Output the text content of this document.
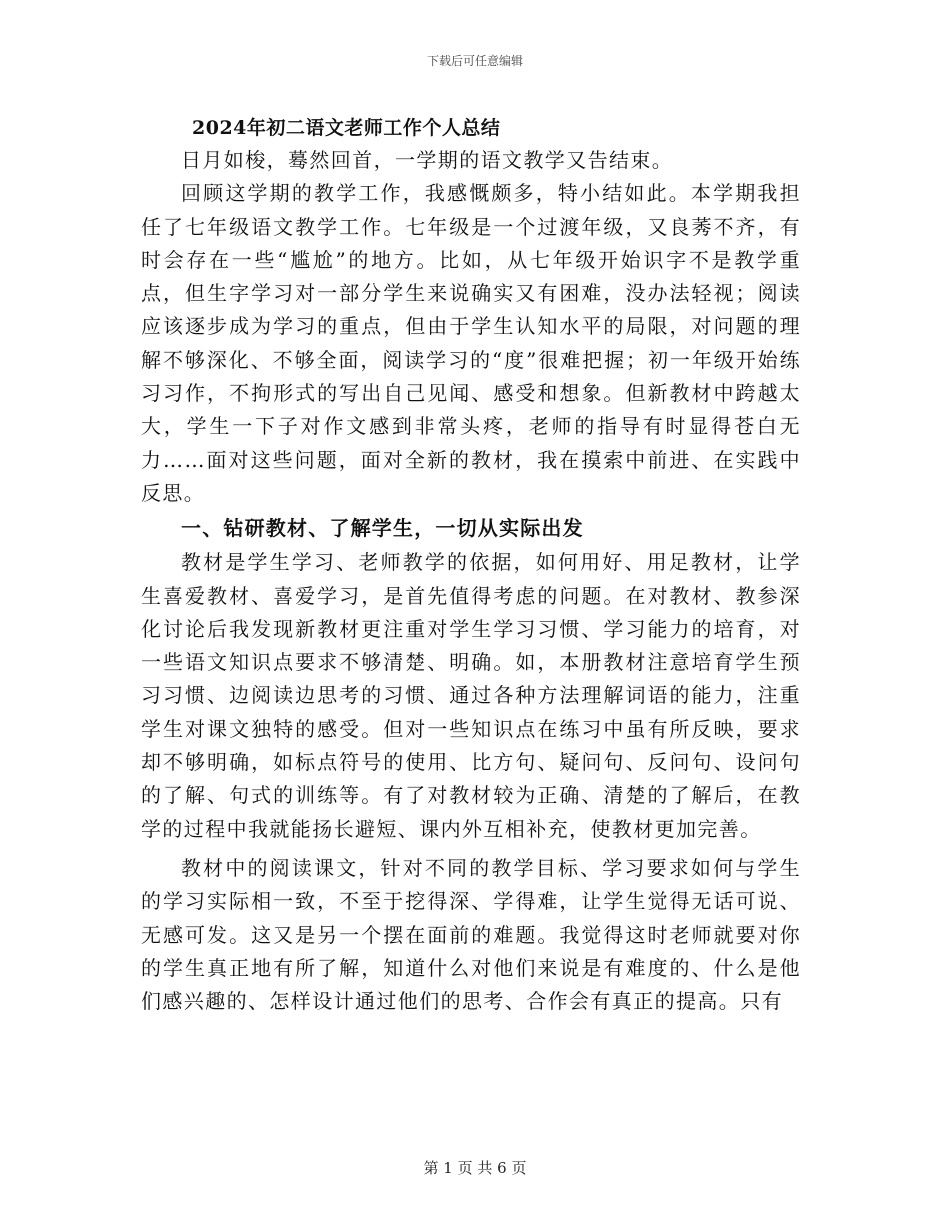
下载后可任意编辑
2024年初二语文老师工作个人总结

日月如梭，蓦然回首，一学期的语文教学又告结束。

回顾这学期的教学工作，我感慨颇多，特小结如此。本学期我担任了七年级语文教学工作。七年级是一个过渡年级，又良莠不齐，有时会存在一些“尴尬”的地方。比如，从七年级开始识字不是教学重点，但生字学习对一部分学生来说确实又有困难，没办法轻视；阅读应该逐步成为学习的重点，但由于学生认知水平的局限，对问题的理解不够深化、不够全面，阅读学习的“度”很难把握；初一年级开始练习习作，不拘形式的写出自己见闻、感受和想象。但新教材中跨越太大，学生一下子对作文感到非常头疼，老师的指导有时显得苍白无力……面对这些问题，面对全新的教材，我在摸索中前进、在实践中反思。

一、钻研教材、了解学生，一切从实际出发

教材是学生学习、老师教学的依据，如何用好、用足教材，让学生喜爱教材、喜爱学习，是首先值得考虑的问题。在对教材、教参深化讨论后我发现新教材更注重对学生学习习惯、学习能力的培育，对一些语文知识点要求不够清楚、明确。如，本册教材注意培育学生预习习惯、边阅读边思考的习惯、通过各种方法理解词语的能力，注重学生对课文独特的感受。但对一些知识点在练习中虽有所反映，要求却不够明确，如标点符号的使用、比方句、疑问句、反问句、设问句的了解、句式的训练等。有了对教材较为正确、清楚的了解后，在教学的过程中我就能扬长避短、课内外互相补充，使教材更加完善。

教材中的阅读课文，针对不同的教学目标、学习要求如何与学生的学习实际相一致，不至于挖得深、学得难，让学生觉得无话可说、无感可发。这又是另一个摆在面前的难题。我觉得这时老师就要对你的学生真正地有所了解，知道什么对他们来说是有难度的、什么是他们感兴趣的、怎样设计通过他们的思考、合作会有真正的提高。只有

第 1 页 共 6 页
